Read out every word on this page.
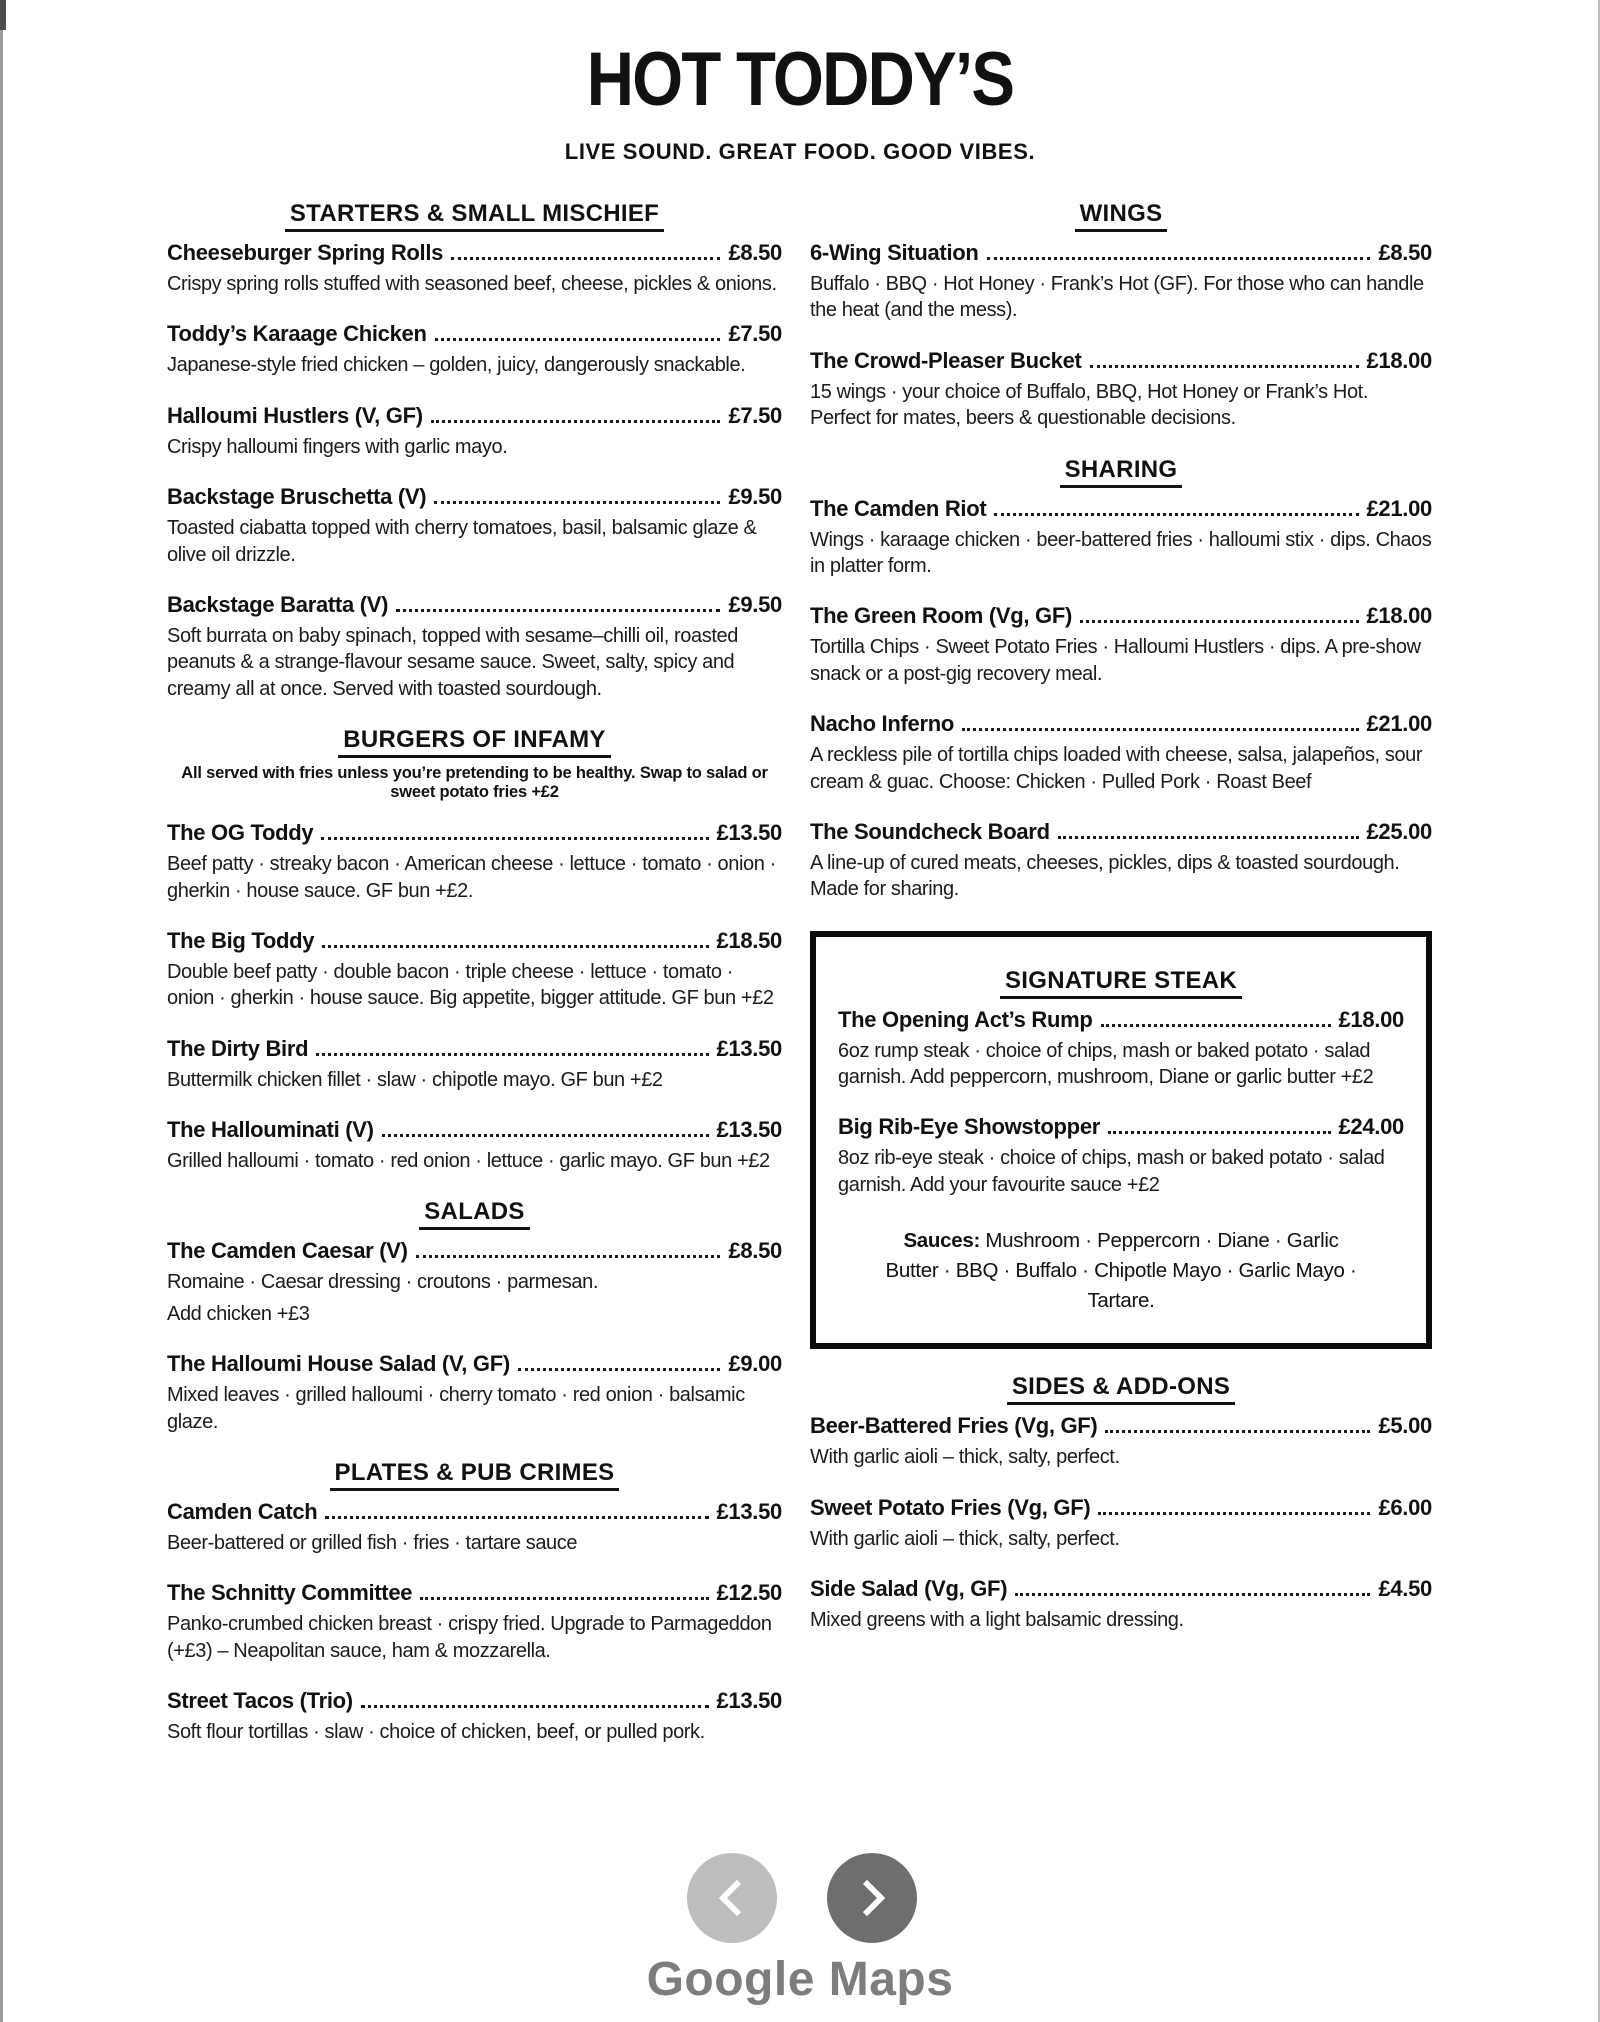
HOT TODDY’S
LIVE SOUND. GREAT FOOD. GOOD VIBES.
STARTERS & SMALL MISCHIEF
Cheeseburger Spring Rolls	£8.50
Crispy spring rolls stuffed with seasoned beef, cheese, pickles & onions.
Toddy’s Karaage Chicken	£7.50
Japanese-style fried chicken – golden, juicy, dangerously snackable.
Halloumi Hustlers (V, GF)	£7.50
Crispy halloumi fingers with garlic mayo.
Backstage Bruschetta (V)	£9.50
Toasted ciabatta topped with cherry tomatoes, basil, balsamic glaze & olive oil drizzle.
Backstage Baratta (V)	£9.50
Soft burrata on baby spinach, topped with sesame–chilli oil, roasted peanuts & a strange-flavour sesame sauce. Sweet, salty, spicy and creamy all at once. Served with toasted sourdough.
BURGERS OF INFAMY
All served with fries unless you’re pretending to be healthy. Swap to salad or sweet potato fries +£2
The OG Toddy	£13.50
Beef patty · streaky bacon · American cheese · lettuce · tomato · onion · gherkin · house sauce. GF bun +£2.
The Big Toddy	£18.50
Double beef patty · double bacon · triple cheese · lettuce · tomato · onion · gherkin · house sauce. Big appetite, bigger attitude. GF bun +£2
The Dirty Bird	£13.50
Buttermilk chicken fillet · slaw · chipotle mayo. GF bun +£2
The Hallouminati (V)	£13.50
Grilled halloumi · tomato · red onion · lettuce · garlic mayo. GF bun +£2
SALADS
The Camden Caesar (V)	£8.50
Romaine · Caesar dressing · croutons · parmesan.
Add chicken +£3
The Halloumi House Salad (V, GF)	£9.00
Mixed leaves · grilled halloumi · cherry tomato · red onion · balsamic glaze.
PLATES & PUB CRIMES
Camden Catch	£13.50
Beer-battered or grilled fish · fries · tartare sauce
The Schnitty Committee	£12.50
Panko-crumbed chicken breast · crispy fried. Upgrade to Parmageddon (+£3) – Neapolitan sauce, ham & mozzarella.
Street Tacos (Trio)	£13.50
Soft flour tortillas · slaw · choice of chicken, beef, or pulled pork.
WINGS
6-Wing Situation	£8.50
Buffalo · BBQ · Hot Honey · Frank’s Hot (GF). For those who can handle the heat (and the mess).
The Crowd-Pleaser Bucket	£18.00
15 wings · your choice of Buffalo, BBQ, Hot Honey or Frank’s Hot. Perfect for mates, beers & questionable decisions.
SHARING
The Camden Riot	£21.00
Wings · karaage chicken · beer-battered fries · halloumi stix · dips. Chaos in platter form.
The Green Room (Vg, GF)	£18.00
Tortilla Chips · Sweet Potato Fries · Halloumi Hustlers · dips. A pre-show snack or a post-gig recovery meal.
Nacho Inferno	£21.00
A reckless pile of tortilla chips loaded with cheese, salsa, jalapeños, sour cream & guac. Choose: Chicken · Pulled Pork · Roast Beef
The Soundcheck Board	£25.00
A line-up of cured meats, cheeses, pickles, dips & toasted sourdough. Made for sharing.
SIGNATURE STEAK
The Opening Act’s Rump	£18.00
6oz rump steak · choice of chips, mash or baked potato · salad garnish. Add peppercorn, mushroom, Diane or garlic butter +£2
Big Rib-Eye Showstopper	£24.00
8oz rib-eye steak · choice of chips, mash or baked potato · salad garnish. Add your favourite sauce +£2
Sauces: Mushroom · Peppercorn · Diane · Garlic Butter · BBQ · Buffalo · Chipotle Mayo · Garlic Mayo · Tartare.
SIDES & ADD-ONS
Beer-Battered Fries (Vg, GF)	£5.00
With garlic aioli – thick, salty, perfect.
Sweet Potato Fries (Vg, GF)	£6.00
With garlic aioli – thick, salty, perfect.
Side Salad (Vg, GF)	£4.50
Mixed greens with a light balsamic dressing.
Google Maps
